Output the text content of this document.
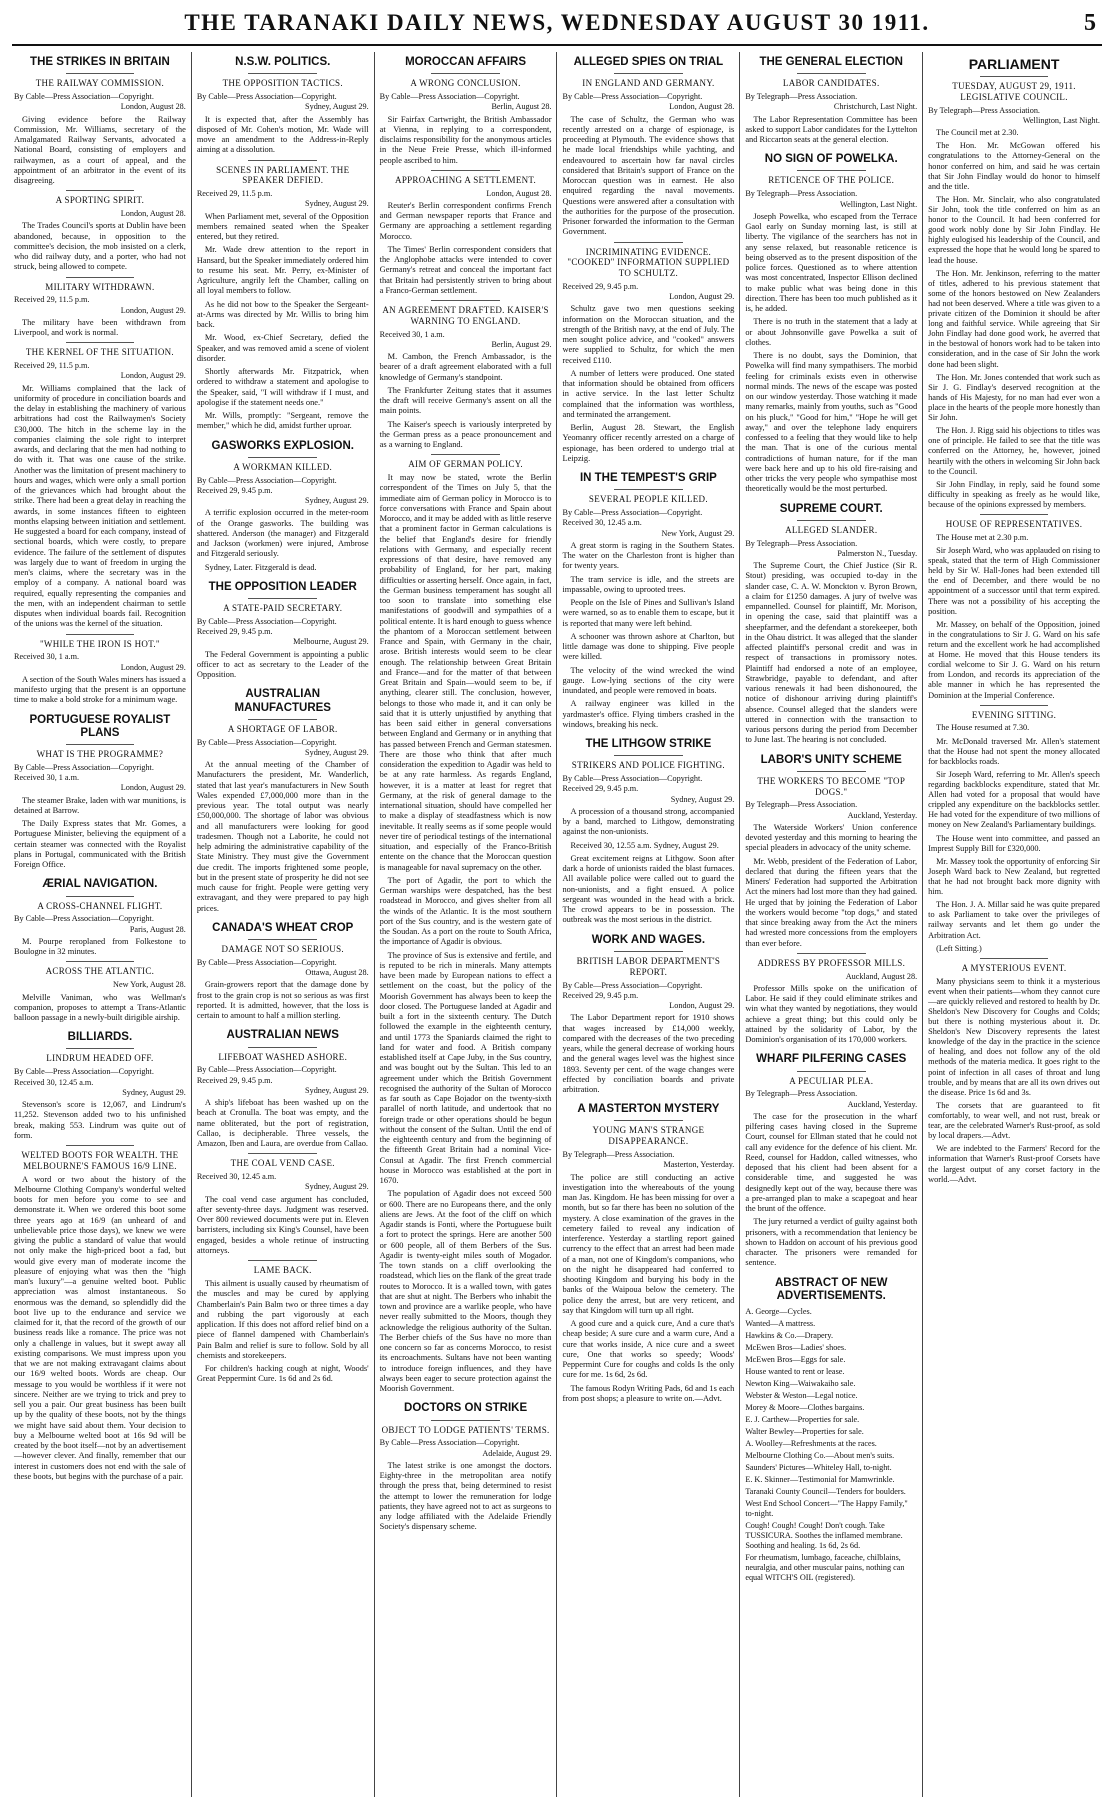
THE TARANAKI DAILY NEWS, WEDNESDAY AUGUST 30 1911.	5
THE STRIKES IN BRITAIN
THE RAILWAY COMMISSION.
By Cable—Press Association—Copyright.
London, August 28.

Giving evidence before the Railway Commission, Mr. Williams, secretary of the Amalgamated Railway Servants, advocated a National Board, consisting of employers and railwaymen, as a court of appeal, and the appointment of an arbitrator in the event of its disagreeing.

A SPORTING SPIRIT.
London, August 28.

The Trades Council's sports at Dublin have been abandoned, because, in opposition to the committee's decision, the mob insisted on a clerk, who did railway duty, and a porter, who had not struck, being allowed to compete.

MILITARY WITHDRAWN.
Received 29, 11.5 p.m.
London, August 29.

The military have been withdrawn from Liverpool, and work is normal.

THE KERNEL OF THE SITUATION.
Received 29, 11.5 p.m.
London, August 29.

Mr. Williams complained that the lack of uniformity of procedure in conciliation boards and the delay in establishing the machinery of various arbitrations had cost the Railwaymen's Society £30,000. The hitch in the scheme lay in the companies claiming the sole right to interpret awards, and declaring that the men had nothing to do with it. That was one cause of the strike. Another was the limitation of present machinery to hours and wages, which were only a small portion of the grievances which had brought about the strike. There had been a great delay in reaching the awards, in some instances fifteen to eighteen months elapsing between initiation and settlement. He suggested a board for each company, instead of sectional boards, which were costly, to prepare evidence. The failure of the settlement of disputes was largely due to want of freedom in urging the men's claims, where the secretary was in the employ of a company. A national board was required, equally representing the companies and the men, with an independent chairman to settle disputes when individual boards fail. Recognition of the unions was the kernel of the situation.

"WHILE THE IRON IS HOT."
Received 30, 1 a.m.
London, August 29.

A section of the South Wales miners has issued a manifesto urging that the present is an opportune time to make a bold stroke for a minimum wage.

PORTUGUESE ROYALIST PLANS
WHAT IS THE PROGRAMME?
By Cable—Press Association—Copyright. Received 30, 1 a.m.
London, August 29.

The steamer Brake, laden with war munitions, is detained at Barrow.

The Daily Express states that Mr. Gomes, a Portuguese Minister, believing the equipment of a certain steamer was connected with the Royalist plans in Portugal, communicated with the British Foreign Office.

ÆRIAL NAVIGATION.
A CROSS-CHANNEL FLIGHT.
By Cable—Press Association—Copyright.
Paris, August 28.

M. Pourpe reroplaned from Folkestone to Boulogne in 32 minutes.

ACROSS THE ATLANTIC.
New York, August 28.

Melville Vaniman, who was Wellman's companion, proposes to attempt a Trans-Atlantic balloon passage in a newly-built dirigible airship.

BILLIARDS.
LINDRUM HEADED OFF.
By Cable—Press Association—Copyright. Received 30, 12.45 a.m.
Sydney, August 29.

Stevenson's score is 12,067, and Lindrum's 11,252. Stevenson added two to his unfinished break, making 553. Lindrum was quite out of form.

WELTED BOOTS FOR WEALTH. THE MELBOURNE'S FAMOUS 16/9 LINE.

A word or two about the history of the Melbourne Clothing Company's wonderful welted boots for men before you come to see and demonstrate it. When we ordered this boot some three years ago at 16/9 (an unheard of and unbelievable price those days), we knew we were giving the public a standard of value that would not only make the high-priced boot a fad, but would give every man of moderate income the pleasure of enjoying what was then the "high man's luxury"—a genuine welted boot. Public appreciation was almost instantaneous. So enormous was the demand, so splendidly did the boot live up to the endurance and service we claimed for it, that the record of the growth of our business reads like a romance. The price was not only a challenge in values, but it swept away all existing comparisons. We must impress upon you that we are not making extravagant claims about our 16/9 welted boots. Words are cheap. Our message to you would be worthless if it were not sincere. Neither are we trying to trick and prey to sell you a pair. Our great business has been built up by the quality of these boots, not by the things we might have said about them. Your decision to buy a Melbourne welted boot at 16s 9d will be created by the boot itself—not by an advertisement—however clever. And finally, remember that our interest in customers does not end with the sale of these boots, but begins with the purchase of a pair.

N.S.W. POLITICS.
THE OPPOSITION TACTICS.
By Cable—Press Association—Copyright.
Sydney, August 29.

It is expected that, after the Assembly has disposed of Mr. Cohen's motion, Mr. Wade will move an amendment to the Address-in-Reply aiming at a dissolution.

SCENES IN PARLIAMENT. THE SPEAKER DEFIED.
Received 29, 11.5 p.m.
Sydney, August 29.

When Parliament met, several of the Opposition members remained seated when the Speaker entered, but they retired.

Mr. Wade drew attention to the report in Hansard, but the Speaker immediately ordered him to resume his seat. Mr. Perry, ex-Minister of Agriculture, angrily left the Chamber, calling on all loyal members to follow.

As he did not bow to the Speaker the Sergeant-at-Arms was directed by Mr. Willis to bring him back.

Mr. Wood, ex-Chief Secretary, defied the Speaker, and was removed amid a scene of violent disorder.

Shortly afterwards Mr. Fitzpatrick, when ordered to withdraw a statement and apologise to the Speaker, said, "I will withdraw if I must, and apologise if the statement needs one."

Mr. Wills, promptly: "Sergeant, remove the member," which he did, amidst further uproar.

GASWORKS EXPLOSION.
A WORKMAN KILLED.
By Cable—Press Association—Copyright. Received 29, 9.45 p.m.
Sydney, August 29.

A terrific explosion occurred in the meter-room of the Orange gasworks. The building was shattered. Anderson (the manager) and Fitzgerald and Jackson (workmen) were injured, Ambrose and Fitzgerald seriously.

Sydney, Later. Fitzgerald is dead.

THE OPPOSITION LEADER
A STATE-PAID SECRETARY.
By Cable—Press Association—Copyright. Received 29, 9.45 p.m.
Melbourne, August 29.

The Federal Government is appointing a public officer to act as secretary to the Leader of the Opposition.

AUSTRALIAN MANUFACTURES
A SHORTAGE OF LABOR.
By Cable—Press Association—Copyright.
Sydney, August 29.

At the annual meeting of the Chamber of Manufacturers the president, Mr. Wanderlich, stated that last year's manufacturers in New South Wales expended £7,000,000 more than in the previous year. The total output was nearly £50,000,000. The shortage of labor was obvious and all manufacturers were looking for good tradesmen. Though not a Laborite, he could not help admiring the administrative capability of the State Ministry. They must give the Government due credit. The imports frightened some people, but in the present state of prosperity he did not see much cause for fright. People were getting very extravagant, and they were prepared to pay high prices.

CANADA'S WHEAT CROP
DAMAGE NOT SO SERIOUS.
By Cable—Press Association—Copyright.
Ottawa, August 28.

Grain-growers report that the damage done by frost to the grain crop is not so serious as was first reported. It is admitted, however, that the loss is certain to amount to half a million sterling.

AUSTRALIAN NEWS
LIFEBOAT WASHED ASHORE.
By Cable—Press Association—Copyright. Received 29, 9.45 p.m.
Sydney, August 29.

A ship's lifeboat has been washed up on the beach at Cronulla. The boat was empty, and the name obliterated, but the port of registration, Callao, is decipherable. Three vessels, the Amazon, Iben and Laura, are overdue from Callao.

THE COAL VEND CASE.
Received 30, 12.45 a.m.
Sydney, August 29.

The coal vend case argument has concluded, after seventy-three days. Judgment was reserved. Over 800 reviewed documents were put in. Eleven barristers, including six King's Counsel, have been engaged, besides a whole retinue of instructing attorneys.

LAME BACK.

This ailment is usually caused by rheumatism of the muscles and may be cured by applying Chamberlain's Pain Balm two or three times a day and rubbing the part vigorously at each application. If this does not afford relief bind on a piece of flannel dampened with Chamberlain's Pain Balm and relief is sure to follow. Sold by all chemists and storekeepers.

For children's hacking cough at night, Woods' Great Peppermint Cure. 1s 6d and 2s 6d.

MOROCCAN AFFAIRS
A WRONG CONCLUSION.
By Cable—Press Association—Copyright.
Berlin, August 28.

Sir Fairfax Cartwright, the British Ambassador at Vienna, in replying to a correspondent, disclaims responsibility for the anonymous articles in the Neue Freie Presse, which ill-informed people ascribed to him.

APPROACHING A SETTLEMENT.
London, August 28.

Reuter's Berlin correspondent confirms French and German newspaper reports that France and Germany are approaching a settlement regarding Morocco.

The Times' Berlin correspondent considers that the Anglophobe attacks were intended to cover Germany's retreat and conceal the important fact that Britain had persistently striven to bring about a Franco-German settlement.

AN AGREEMENT DRAFTED. KAISER'S WARNING TO ENGLAND.
Received 30, 1 a.m.
Berlin, August 29.

M. Cambon, the French Ambassador, is the bearer of a draft agreement elaborated with a full knowledge of Germany's standpoint.

The Frankfurter Zeitung states that it assumes the draft will receive Germany's assent on all the main points.

The Kaiser's speech is variously interpreted by the German press as a peace pronouncement and as a warning to England.

AIM OF GERMAN POLICY.

It may now be stated, wrote the Berlin correspondent of the Times on July 5, that the immediate aim of German policy in Morocco is to force conversations with France and Spain about Morocco, and it may be added with as little reserve that a prominent factor in German calculations is the belief that England's desire for friendly relations with Germany, and especially recent expressions of that desire, have removed any probability of England, for her part, making difficulties or asserting herself. Once again, in fact, the German business temperament has sought all too soon to translate into something else manifestations of goodwill and sympathies of a political entente. It is hard enough to guess whence the phantom of a Moroccan settlement between France and Spain, with Germany in the chair, arose. British interests would seem to be clear enough. The relationship between Great Britain and France—and for the matter of that between Great Britain and Spain—would seem to be, if anything, clearer still. The conclusion, however, belongs to those who made it, and it can only be said that it is utterly unjustified by anything that has been said either in general conversations between England and Germany or in anything that has passed between French and German statesmen. There are those who think that after much consideration the expedition to Agadir was held to be at any rate harmless. As regards England, however, it is a matter at least for regret that Germany, at the risk of general damage to the international situation, should have compelled her to make a display of steadfastness which is now inevitable. It really seems as if some people would never tire of periodical testings of the international situation, and especially of the Franco-British entente on the chance that the Moroccan question is manageable for naval supremacy on the other.

The port of Agadir, the port to which the German warships were despatched, has the best roadstead in Morocco, and gives shelter from all the winds of the Atlantic. It is the most southern port of the Sus country, and is the western gate of the Soudan. As a port on the route to South Africa, the importance of Agadir is obvious.

The province of Sus is extensive and fertile, and is reputed to be rich in minerals. Many attempts have been made by European nations to effect a settlement on the coast, but the policy of the Moorish Government has always been to keep the door closed. The Portuguese landed at Agadir and built a fort in the sixteenth century. The Dutch followed the example in the eighteenth century, and until 1773 the Spaniards claimed the right to land for water and food. A British company established itself at Cape Juby, in the Sus country, and was bought out by the Sultan. This led to an agreement under which the British Government recognised the authority of the Sultan of Morocco as far south as Cape Bojador on the twenty-sixth parallel of north latitude, and undertook that no foreign trade or other operations should be begun without the consent of the Sultan. Until the end of the eighteenth century and from the beginning of the fifteenth Great Britain had a nominal Vice-Consul at Agadir. The first French commercial house in Morocco was established at the port in 1670.

The population of Agadir does not exceed 500 or 600. There are no Europeans there, and the only aliens are Jews. At the foot of the cliff on which Agadir stands is Fonti, where the Portuguese built a fort to protect the springs. Here are another 500 or 600 people, all of them Berbers of the Sus. Agadir is twenty-eight miles south of Mogador. The town stands on a cliff overlooking the roadstead, which lies on the flank of the great trade routes to Morocco. It is a walled town, with gates that are shut at night. The Berbers who inhabit the town and province are a warlike people, who have never really submitted to the Moors, though they acknowledge the religious authority of the Sultan. The Berber chiefs of the Sus have no more than one concern so far as concerns Morocco, to resist its encroachments. Sultans have not been wanting to introduce foreign influences, and they have always been eager to secure protection against the Moorish Government.

DOCTORS ON STRIKE
OBJECT TO LODGE PATIENTS' TERMS.
By Cable—Press Association—Copyright.
Adelaide, August 29.

The latest strike is one amongst the doctors. Eighty-three in the metropolitan area notify through the press that, being determined to resist the attempt to lower the remuneration for lodge patients, they have agreed not to act as surgeons to any lodge affiliated with the Adelaide Friendly Society's dispensary scheme.

ALLEGED SPIES ON TRIAL
IN ENGLAND AND GERMANY.
By Cable—Press Association—Copyright.
London, August 28.

The case of Schultz, the German who was recently arrested on a charge of espionage, is proceeding at Plymouth. The evidence shows that he made local friendships while yachting, and endeavoured to ascertain how far naval circles considered that Britain's support of France on the Moroccan question was in earnest. He also enquired regarding the naval movements. Questions were answered after a consultation with the authorities for the purpose of the prosecution. Prisoner forwarded the information to the German Government.

INCRIMINATING EVIDENCE. "COOKED" INFORMATION SUPPLIED TO SCHULTZ.
Received 29, 9.45 p.m.
London, August 29.

Schultz gave two men questions seeking information on the Moroccan situation, and the strength of the British navy, at the end of July. The men sought police advice, and "cooked" answers were supplied to Schultz, for which the men received £110.

A number of letters were produced. One stated that information should be obtained from officers in active service. In the last letter Schultz complained that the information was worthless, and terminated the arrangement.

Berlin, August 28. Stewart, the English Yeomanry officer recently arrested on a charge of espionage, has been ordered to undergo trial at Leipzig.

IN THE TEMPEST'S GRIP
SEVERAL PEOPLE KILLED.
By Cable—Press Association—Copyright. Received 30, 12.45 a.m.
New York, August 29.

A great storm is raging in the Southern States. The water on the Charleston front is higher than for twenty years.

The tram service is idle, and the streets are impassable, owing to uprooted trees.

People on the Isle of Pines and Sullivan's Island were warned, so as to enable them to escape, but it is reported that many were left behind.

A schooner was thrown ashore at Charlton, but little damage was done to shipping. Five people were killed.

The velocity of the wind wrecked the wind gauge. Low-lying sections of the city were inundated, and people were removed in boats.

A railway engineer was killed in the yardmaster's office. Flying timbers crashed in the windows, breaking his neck.

THE LITHGOW STRIKE
STRIKERS AND POLICE FIGHTING.
By Cable—Press Association—Copyright. Received 29, 9.45 p.m.
Sydney, August 29.

A procession of a thousand strong, accompanied by a band, marched to Lithgow, demonstrating against the non-unionists.

Received 30, 12.55 a.m. Sydney, August 29.

Great excitement reigns at Lithgow. Soon after dark a horde of unionists raided the blast furnaces. All available police were called out to guard the non-unionists, and a fight ensued. A police sergeant was wounded in the head with a brick. The crowd appears to be in possession. The outbreak was the most serious in the district.

WORK AND WAGES.
BRITISH LABOR DEPARTMENT'S REPORT.
By Cable—Press Association—Copyright. Received 29, 9.45 p.m.
London, August 29.

The Labor Department report for 1910 shows that wages increased by £14,000 weekly, compared with the decreases of the two preceding years, while the general decrease of working hours and the general wages level was the highest since 1893. Seventy per cent. of the wage changes were effected by conciliation boards and private arbitration.

A MASTERTON MYSTERY
YOUNG MAN'S STRANGE DISAPPEARANCE.
By Telegraph—Press Association.
Masterton, Yesterday.

The police are still conducting an active investigation into the whereabouts of the young man Jas. Kingdom. He has been missing for over a month, but so far there has been no solution of the mystery. A close examination of the graves in the cemetery failed to reveal any indication of interference. Yesterday a startling report gained currency to the effect that an arrest had been made of a man, not one of Kingdom's companions, who on the night he disappeared had conferred to shooting Kingdom and burying his body in the banks of the Waipoua below the cemetery. The police deny the arrest, but are very reticent, and say that Kingdom will turn up all right.

A good cure and a quick cure, And a cure that's cheap beside; A sure cure and a warm cure, And a cure that works inside, A nice cure and a sweet cure, One that works so speedy; Woods' Peppermint Cure for coughs and colds Is the only cure for me. 1s 6d, 2s 6d.

The famous Rodyn Writing Pads, 6d and 1s each from post shops; a pleasure to write on.—Advt.

THE GENERAL ELECTION
LABOR CANDIDATES.
By Telegraph—Press Association.
Christchurch, Last Night.

The Labor Representation Committee has been asked to support Labor candidates for the Lyttelton and Riccarton seats at the general election.

NO SIGN OF POWELKA.
RETICENCE OF THE POLICE.
By Telegraph—Press Association.
Wellington, Last Night.

Joseph Powelka, who escaped from the Terrace Gaol early on Sunday morning last, is still at liberty. The vigilance of the searchers has not in any sense relaxed, but reasonable reticence is being observed as to the present disposition of the police forces. Questioned as to where attention was most concentrated, Inspector Ellison declined to make public what was being done in this direction. There has been too much published as it is, he added.

There is no truth in the statement that a lady at or about Johnsonville gave Powelka a suit of clothes.

There is no doubt, says the Dominion, that Powelka will find many sympathisers. The morbid feeling for criminals exists even in otherwise normal minds. The news of the escape was posted on our window yesterday. Those watching it made many remarks, mainly from youths, such as "Good on his pluck," "Good for him," "Hope he will get away," and over the telephone lady enquirers confessed to a feeling that they would like to help the man. That is one of the curious mental contradictions of human nature, for if the man were back here and up to his old fire-raising and other tricks the very people who sympathise most theoretically would be the most perturbed.

SUPREME COURT.
ALLEGED SLANDER.
By Telegraph—Press Association.
Palmerston N., Tuesday.

The Supreme Court, the Chief Justice (Sir R. Stout) presiding, was occupied to-day in the slander case, C. A. W. Monckton v. Byron Brown, a claim for £1250 damages. A jury of twelve was empannelled. Counsel for plaintiff, Mr. Morison, in opening the case, said that plaintiff was a sheepfarmer, and the defendant a storekeeper, both in the Ohau district. It was alleged that the slander affected plaintiff's personal credit and was in respect of transactions in promissory notes. Plaintiff had endorsed a note of an employee, Strawbridge, payable to defendant, and after various renewals it had been dishonoured, the notice of dishonour arriving during plaintiff's absence. Counsel alleged that the slanders were uttered in connection with the transaction to various persons during the period from December to June last. The hearing is not concluded.

LABOR'S UNITY SCHEME
THE WORKERS TO BECOME "TOP DOGS."
By Telegraph—Press Association.
Auckland, Yesterday.

The Waterside Workers' Union conference devoted yesterday and this morning to hearing the special pleaders in advocacy of the unity scheme.

Mr. Webb, president of the Federation of Labor, declared that during the fifteen years that the Miners' Federation had supported the Arbitration Act the miners had lost more than they had gained. He urged that by joining the Federation of Labor the workers would become "top dogs," and stated that since breaking away from the Act the miners had wrested more concessions from the employers than ever before.

ADDRESS BY PROFESSOR MILLS.
Auckland, August 28.

Professor Mills spoke on the unification of Labor. He said if they could eliminate strikes and win what they wanted by negotiations, they would achieve a great thing; but this could only be attained by the solidarity of Labor, by the Dominion's organisation of its 170,000 workers.

WHARF PILFERING CASES
A PECULIAR PLEA.
By Telegraph—Press Association.
Auckland, Yesterday.

The case for the prosecution in the wharf pilfering cases having closed in the Supreme Court, counsel for Ellman stated that he could not call any evidence for the defence of his client. Mr. Reed, counsel for Haddon, called witnesses, who deposed that his client had been absent for a considerable time, and suggested he was designedly kept out of the way, because there was a pre-arranged plan to make a scapegoat and hear the brunt of the offence.

The jury returned a verdict of guilty against both prisoners, with a recommendation that leniency be shown to Haddon on account of his previous good character. The prisoners were remanded for sentence.

ABSTRACT OF NEW ADVERTISEMENTS.
A. George—Cycles.
Wanted—A mattress.
Hawkins & Co.—Drapery.
McEwen Bros—Ladies' shoes.
McEwen Bros—Eggs for sale.
House wanted to rent or lease.
Newton King—Waiwakaiho sale.
Webster & Weston—Legal notice.
Morey & Moore—Clothes bargains.
E. J. Carthew—Properties for sale.
Walter Bewley—Properties for sale.
A. Woolley—Refreshments at the races.
Melbourne Clothing Co.—About men's suits.
Saunders' Pictures—Whiteley Hall, to-night.
E. K. Skinner—Testimonial for Mamwrinkle.
Taranaki County Council—Tenders for boulders.
West End School Concert—"The Happy Family," to-night.
Cough! Cough! Cough! Don't cough. Take TUSSICURA. Soothes the inflamed membrane. Soothing and healing. 1s 6d, 2s 6d.
For rheumatism, lumbago, faceache, chilblains, neuralgia, and other muscular pains, nothing can equal WITCH'S OIL (registered).
PARLIAMENT
TUESDAY, AUGUST 29, 1911. LEGISLATIVE COUNCIL.
By Telegraph—Press Association.
Wellington, Last Night.

The Council met at 2.30.

The Hon. Mr. McGowan offered his congratulations to the Attorney-General on the honor conferred on him, and said he was certain that Sir John Findlay would do honor to himself and the title.

The Hon. Mr. Sinclair, who also congratulated Sir John, took the title conferred on him as an honor to the Council. It had been conferred for good work nobly done by Sir John Findlay. He highly eulogised his leadership of the Council, and expressed the hope that he would long be spared to lead the house.

The Hon. Mr. Jenkinson, referring to the matter of titles, adhered to his previous statement that some of the honors bestowed on New Zealanders had not been deserved. Where a title was given to a private citizen of the Dominion it should be after long and faithful service. While agreeing that Sir John Findlay had done good work, he averred that in the bestowal of honors work had to be taken into consideration, and in the case of Sir John the work done had been slight.

The Hon. Mr. Jones contended that work such as Sir J. G. Findlay's deserved recognition at the hands of His Majesty, for no man had ever won a place in the hearts of the people more honestly than Sir John.

The Hon. J. Rigg said his objections to titles was one of principle. He failed to see that the title was conferred on the Attorney, he, however, joined heartily with the others in welcoming Sir John back to the Council.

Sir John Findlay, in reply, said he found some difficulty in speaking as freely as he would like, because of the opinions expressed by members.

HOUSE OF REPRESENTATIVES.

The House met at 2.30 p.m.

Sir Joseph Ward, who was applauded on rising to speak, stated that the term of High Commissioner held by Sir W. Hall-Jones had been extended till the end of December, and there would be no appointment of a successor until that term expired. There was not a possibility of his accepting the position.

Mr. Massey, on behalf of the Opposition, joined in the congratulations to Sir J. G. Ward on his safe return and the excellent work he had accomplished at Home. He moved that this House tenders its cordial welcome to Sir J. G. Ward on his return from London, and records its appreciation of the able manner in which he has represented the Dominion at the Imperial Conference.

EVENING SITTING.

The House resumed at 7.30.

Mr. McDonald traversed Mr. Allen's statement that the House had not spent the money allocated for backblocks roads.

Sir Joseph Ward, referring to Mr. Allen's speech regarding backblocks expenditure, stated that Mr. Allen had voted for a proposal that would have crippled any expenditure on the backblocks settler. He had voted for the expenditure of two millions of money on New Zealand's Parliamentary buildings.

The House went into committee, and passed an Imprest Supply Bill for £320,000.

Mr. Massey took the opportunity of enforcing Sir Joseph Ward back to New Zealand, but regretted that he had not brought back more dignity with him.

The Hon. J. A. Millar said he was quite prepared to ask Parliament to take over the privileges of railway servants and let them go under the Arbitration Act.

(Left Sitting.)

A MYSTERIOUS EVENT.

Many physicians seem to think it a mysterious event when their patients—whom they cannot cure—are quickly relieved and restored to health by Dr. Sheldon's New Discovery for Coughs and Colds; but there is nothing mysterious about it. Dr. Sheldon's New Discovery represents the latest knowledge of the day in the practice in the science of healing, and does not follow any of the old methods of the materia medica. It goes right to the point of infection in all cases of throat and lung trouble, and by means that are all its own drives out the disease. Price 1s 6d and 3s.

The corsets that are guaranteed to fit comfortably, to wear well, and not rust, break or tear, are the celebrated Warner's Rust-proof, as sold by local drapers.—Advt.

We are indebted to the Farmers' Record for the information that Warner's Rust-proof Corsets have the largest output of any corset factory in the world.—Advt.
